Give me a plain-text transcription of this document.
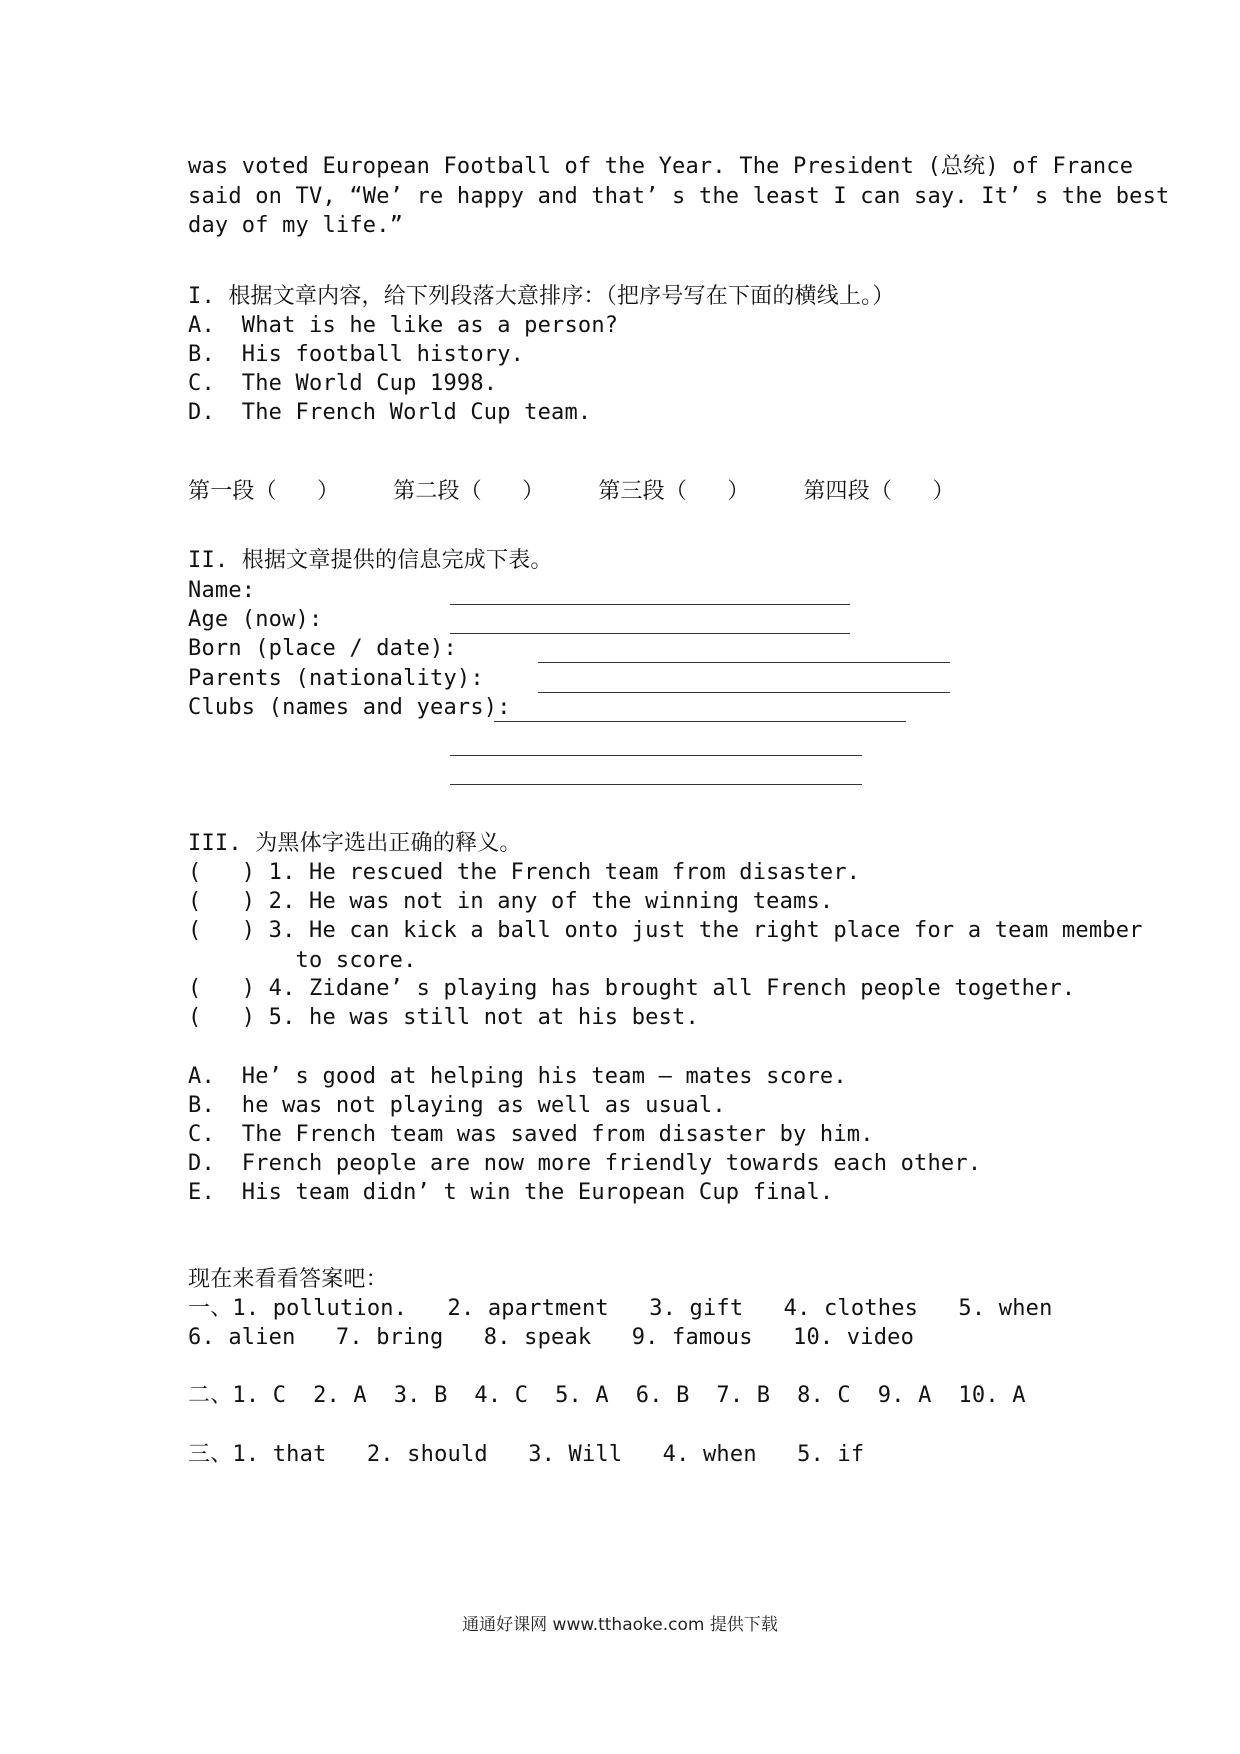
was voted European Football of the Year. The President (总统) of France
said on TV, “We’ re happy and that’ s the least I can say. It’ s the best
day of my life.”
I. 根据文章内容，给下列段落大意排序：（把序号写在下面的横线上。）
A.  What is he like as a person?
B.  His football history.
C.  The World Cup 1998.
D.  The French World Cup team.
第一段（   ）    第二段（   ）    第三段（   ）    第四段（   ）
II. 根据文章提供的信息完成下表。
Name:
Age (now):
Born (place / date):
Parents (nationality):
Clubs (names and years):
III. 为黑体字选出正确的释义。
(   ) 1. He rescued the French team from disaster.
(   ) 2. He was not in any of the winning teams.
(   ) 3. He can kick a ball onto just the right place for a team member
to score.
(   ) 4. Zidane’ s playing has brought all French people together.
(   ) 5. he was still not at his best.
A.  He’ s good at helping his team – mates score.
B.  he was not playing as well as usual.
C.  The French team was saved from disaster by him.
D.  French people are now more friendly towards each other.
E.  His team didn’ t win the European Cup final.
现在来看看答案吧：
一、1. pollution.   2. apartment   3. gift   4. clothes   5. when
6. alien   7. bring   8. speak   9. famous   10. video
二、1. C  2. A  3. B  4. C  5. A  6. B  7. B  8. C  9. A  10. A
三、1. that   2. should   3. Will   4. when   5. if
通通好课网 www.tthaoke.com 提供下载
